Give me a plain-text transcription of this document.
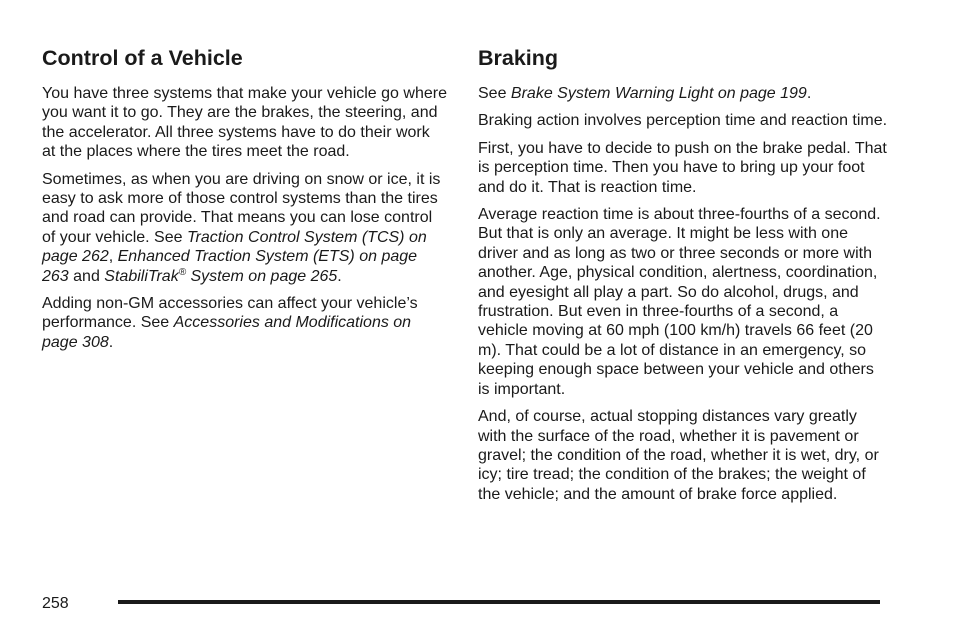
Control of a Vehicle

You have three systems that make your vehicle go where you want it to go. They are the brakes, the steering, and the accelerator. All three systems have to do their work at the places where the tires meet the road.

Sometimes, as when you are driving on snow or ice, it is easy to ask more of those control systems than the tires and road can provide. That means you can lose control of your vehicle. See Traction Control System (TCS) on page 262, Enhanced Traction System (ETS) on page 263 and StabiliTrak® System on page 265.

Adding non-GM accessories can affect your vehicle’s performance. See Accessories and Modifications on page 308.

Braking

See Brake System Warning Light on page 199.

Braking action involves perception time and reaction time.

First, you have to decide to push on the brake pedal. That is perception time. Then you have to bring up your foot and do it. That is reaction time.

Average reaction time is about three-fourths of a second. But that is only an average. It might be less with one driver and as long as two or three seconds or more with another. Age, physical condition, alertness, coordination, and eyesight all play a part. So do alcohol, drugs, and frustration. But even in three-fourths of a second, a vehicle moving at 60 mph (100 km/h) travels 66 feet (20 m). That could be a lot of distance in an emergency, so keeping enough space between your vehicle and others is important.

And, of course, actual stopping distances vary greatly with the surface of the road, whether it is pavement or gravel; the condition of the road, whether it is wet, dry, or icy; tire tread; the condition of the brakes; the weight of the vehicle; and the amount of brake force applied.

258
